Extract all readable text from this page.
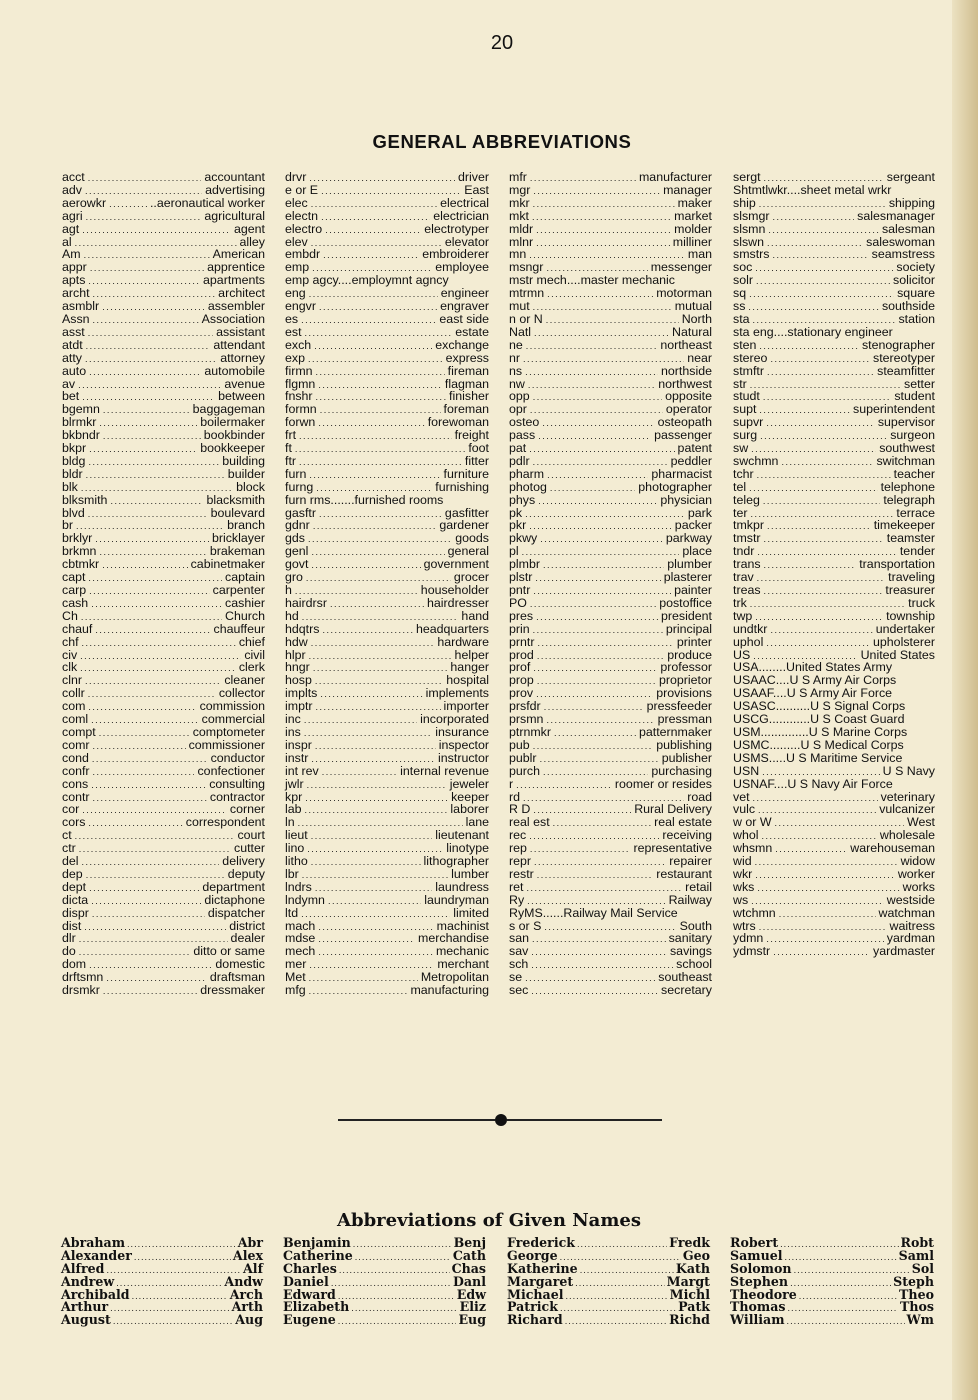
20
GENERAL ABBREVIATIONS
acct .....	accountant
adv .....	advertising
aerowkr .....	..aeronautical worker
agri .....	agricultural
agt .....	agent
al .....	alley
Am .....	American
appr .....	apprentice
apts .....	apartments
archt .....	architect
asmblr .....	assembler
Assn .....	Association
asst .....	assistant
atdt .....	attendant
atty .....	attorney
auto .....	automobile
av .....	avenue
bet .....	between
bgemn .....	baggageman
blrmkr .....	boilermaker
bkbndr .....	bookbinder
bkpr .....	bookkeeper
bldg .....	building
bldr .....	builder
blk .....	block
blksmith .....	blacksmith
blvd .....	boulevard
br .....	branch
brklyr .....	bricklayer
brkmn .....	brakeman
cbtmkr .....	cabinetmaker
capt .....	captain
carp .....	carpenter
cash .....	cashier
Ch .....	Church
chauf .....	chauffeur
chf .....	chief
civ .....	civil
clk .....	clerk
clnr .....	cleaner
collr .....	collector
com .....	commission
coml .....	commercial
compt .....	comptometer
comr .....	commissioner
cond .....	conductor
confr .....	confectioner
cons .....	consulting
contr .....	contractor
cor .....	corner
cors .....	correspondent
ct .....	court
ctr .....	cutter
del .....	delivery
dep .....	deputy
dept .....	department
dicta .....	dictaphone
dispr .....	dispatcher
dist .....	district
dlr .....	dealer
do .....	ditto or same
dom .....	domestic
drftsmn .....	draftsman
drsmkr .....	dressmaker
drvr .....	driver
e or E .....	East
elec .....	electrical
electn .....	electrician
electro .....	electrotyper
elev .....	elevator
embdr .....	embroiderer
emp .....	employee
emp agcy....employmnt agncy
eng .....	engineer
engvr .....	engraver
es .....	east side
est .....	estate
exch .....	exchange
exp .....	express
firmn .....	fireman
flgmn .....	flagman
fnshr .....	finisher
formn .....	foreman
forwn .....	forewoman
frt .....	freight
ft .....	foot
ftr .....	fitter
furn .....	furniture
furng .....	furnishing
furn rms.......furnished rooms
gasftr .....	gasfitter
gdnr .....	gardener
gds .....	goods
genl .....	general
govt .....	government
gro .....	grocer
h .....	householder
hairdrsr .....	hairdresser
hd .....	hand
hdqtrs .....	headquarters
hdw .....	hardware
hlpr .....	helper
hngr .....	hanger
hosp .....	hospital
implts .....	implements
imptr .....	importer
inc .....	incorporated
ins .....	insurance
inspr .....	inspector
instr .....	instructor
int rev .....	internal revenue
jwlr .....	jeweler
kpr .....	keeper
lab .....	laborer
ln .....	lane
lieut .....	lieutenant
lino .....	linotype
litho .....	lithographer
lbr .....	lumber
lndrs .....	laundress
lndymn .....	laundryman
ltd .....	limited
mach .....	machinist
mdse .....	merchandise
mech .....	mechanic
mer .....	merchant
Met .....	Metropolitan
mfg .....	manufacturing
mfr .....	manufacturer
mgr .....	manager
mkr .....	maker
mkt .....	market
mldr .....	molder
mlnr .....	milliner
mn .....	man
msngr .....	messenger
mstr mech....master mechanic
mtrmn .....	motorman
mut .....	mutual
n or N .....	North
Natl .....	Natural
ne .....	northeast
nr .....	near
ns .....	northside
nw .....	northwest
opp .....	opposite
opr .....	operator
osteo .....	osteopath
pass .....	passenger
pat .....	patent
pdlr .....	peddler
pharm .....	pharmacist
photog .....	photographer
phys .....	physician
pk .....	park
pkr .....	packer
pkwy .....	parkway
pl .....	place
plmbr .....	plumber
plstr .....	plasterer
pntr .....	painter
PO .....	postoffice
pres .....	president
prin .....	principal
prntr .....	printer
prod .....	produce
prof .....	professor
prop .....	proprietor
prov .....	provisions
prsfdr .....	pressfeeder
prsmn .....	pressman
ptrnmkr .....	patternmaker
pub .....	publishing
publr .....	publisher
purch .....	purchasing
r .....	roomer or resides
rd .....	road
R D .....	Rural Delivery
real est .....	real estate
rec .....	receiving
rep .....	representative
repr .....	repairer
restr .....	restaurant
ret .....	retail
Ry .....	Railway
RyMS......Railway Mail Service
s or S .....	South
san .....	sanitary
sav .....	savings
sch .....	school
se .....	southeast
sec .....	secretary
sergt .....	sergeant
Shtmtlwkr....sheet metal wrkr
ship .....	shipping
slsmgr .....	salesmanager
slsmn .....	salesman
slswn .....	saleswoman
smstrs .....	seamstress
soc .....	society
solr .....	solicitor
sq .....	square
ss .....	southside
sta .....	station
sta eng....stationary engineer
sten .....	stenographer
stereo .....	stereotyper
stmftr .....	steamfitter
str .....	setter
studt .....	student
supt .....	superintendent
supvr .....	supervisor
surg .....	surgeon
sw .....	southwest
swchmn .....	switchman
tchr .....	teacher
tel .....	telephone
teleg .....	telegraph
ter .....	terrace
tmkpr .....	timekeeper
tmstr .....	teamster
tndr .....	tender
trans .....	transportation
trav .....	traveling
treas .....	treasurer
trk .....	truck
twp .....	township
undtkr .....	undertaker
uphol .....	upholsterer
US .....	United States
USA........United States Army
USAAC....U S Army Air Corps
USAAF....U S Army Air Force
USASC..........U S Signal Corps
USCG............U S Coast Guard
USM..............U S Marine Corps
USMC.........U S Medical Corps
USMS.....U S Maritime Service
USN .....	U S Navy
USNAF....U S Navy Air Force
vet .....	veterinary
vulc .....	vulcanizer
w or W .....	West
whol .....	wholesale
whsmn .....	warehouseman
wid .....	widow
wkr .....	worker
wks .....	works
ws .....	westside
wtchmn .....	watchman
wtrs .....	waitress
ydmn .....	yardman
ydmstr .....	yardmaster
Abbreviations of Given Names
Abraham .....	Abr
Alexander .....	Alex
Alfred .....	Alf
Andrew .....	Andw
Archibald .....	Arch
Arthur .....	Arth
August .....	Aug
Benjamin .....	Benj
Catherine .....	Cath
Charles .....	Chas
Daniel .....	Danl
Edward .....	Edw
Elizabeth .....	Eliz
Eugene .....	Eug
Frederick .....	Fredk
George .....	Geo
Katherine .....	Kath
Margaret .....	Margt
Michael .....	Michl
Patrick .....	Patk
Richard .....	Richd
Robert .....	Robt
Samuel .....	Saml
Solomon .....	Sol
Stephen .....	Steph
Theodore .....	Theo
Thomas .....	Thos
William .....	Wm
